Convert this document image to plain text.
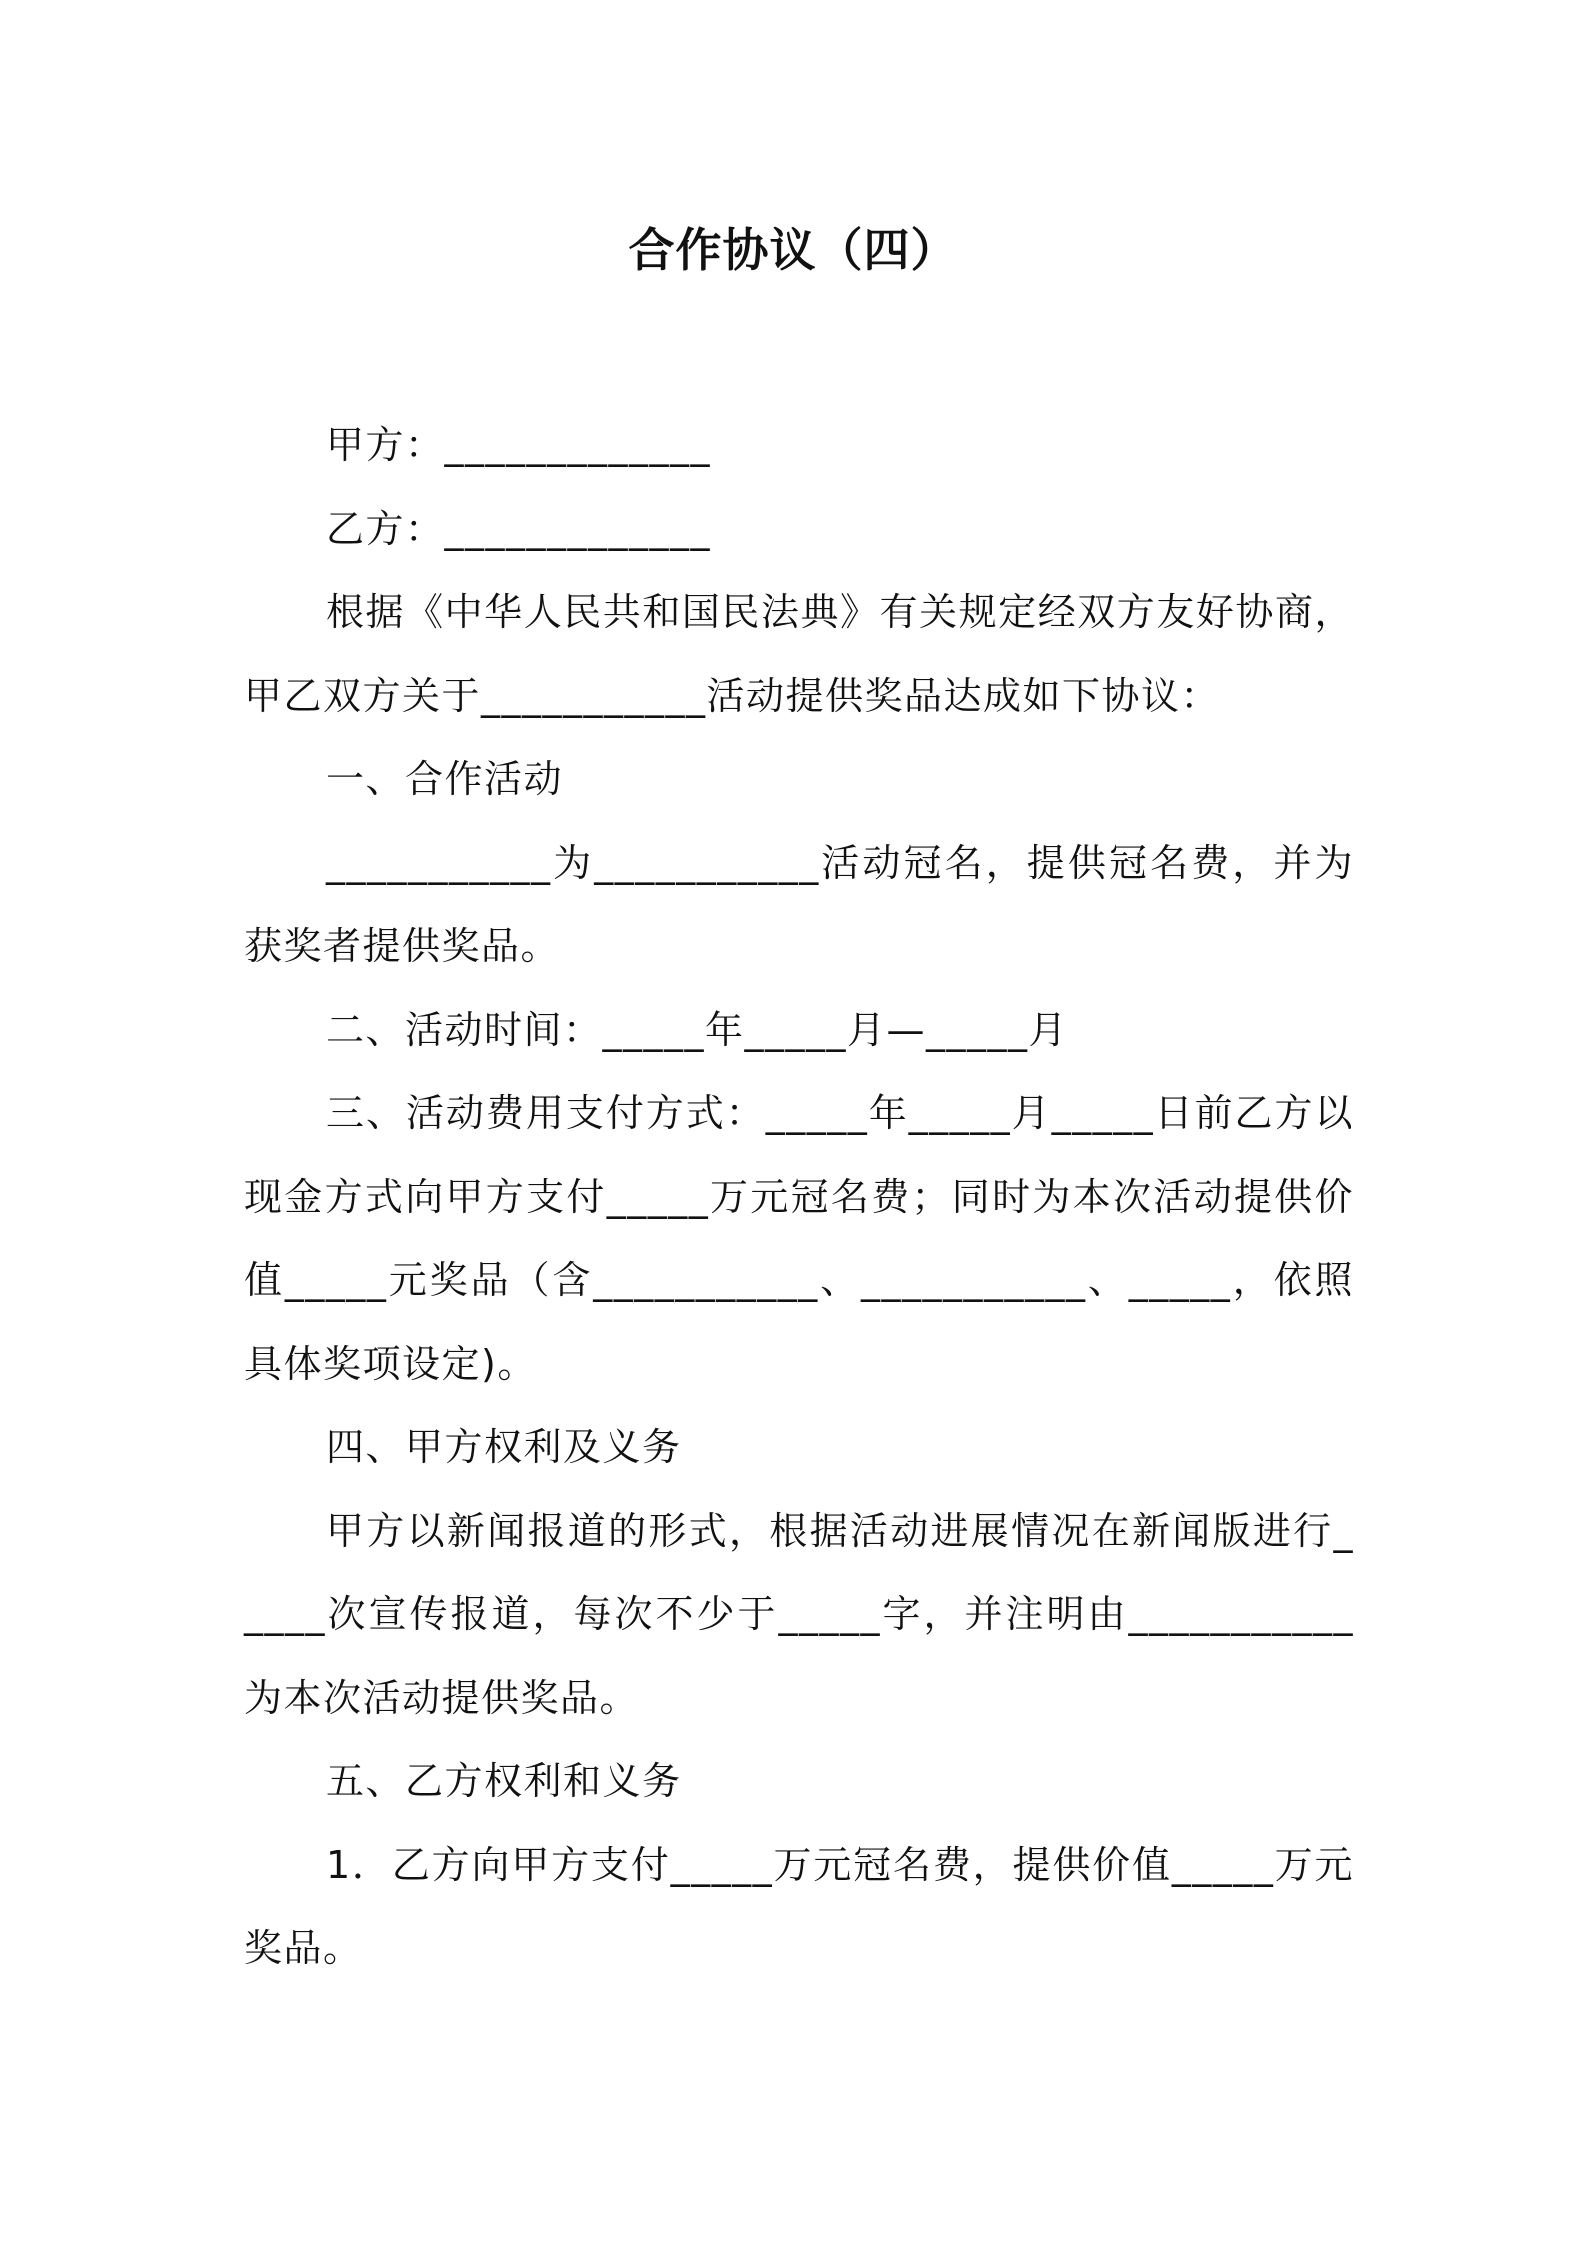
合作协议（四）

甲方：_____________

乙方：_____________

根据《中华人民共和国民法典》有关规定经双方友好协商，甲乙双方关于___________活动提供奖品达成如下协议：

一、合作活动

___________为___________活动冠名，提供冠名费，并为获奖者提供奖品。

二、活动时间：_____年_____月—_____月

三、活动费用支付方式：_____年_____月_____日前乙方以现金方式向甲方支付_____万元冠名费；同时为本次活动提供价值_____元奖品（含___________、___________、_____，依照具体奖项设定)。

四、甲方权利及义务

甲方以新闻报道的形式，根据活动进展情况在新闻版进行_____次宣传报道，每次不少于_____字，并注明由___________为本次活动提供奖品。

五、乙方权利和义务

1．乙方向甲方支付_____万元冠名费，提供价值_____万元奖品。
